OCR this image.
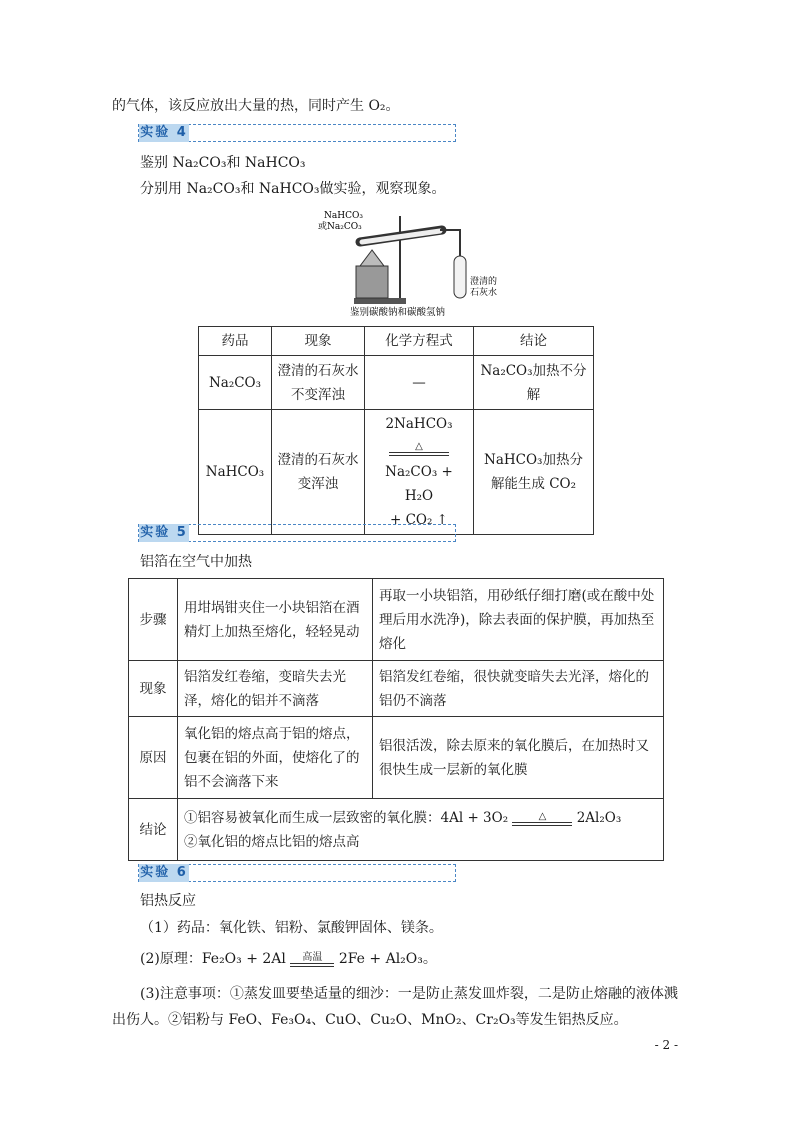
的气体，该反应放出大量的热，同时产生 O₂。
实验 4
鉴别 Na₂CO₃和 NaHCO₃
分别用 Na₂CO₃和 NaHCO₃做实验，观察现象。
NaHCO₃
或Na₂CO₃
澄清的
石灰水
鉴别碳酸钠和碳酸氢钠
药品	现象	化学方程式	结论
Na₂CO₃	澄清的石灰水不变浑浊	—	Na₂CO₃加热不分解
NaHCO₃	澄清的石灰水变浑浊	2NaHCO₃
△
Na₂CO₃ + H₂O
+ CO₂ ↑	NaHCO₃加热分解能生成 CO₂
实验 5
铝箔在空气中加热
步骤	用坩埚钳夹住一小块铝箔在酒精灯上加热至熔化，轻轻晃动	再取一小块铝箔，用砂纸仔细打磨(或在酸中处理后用水洗净)，除去表面的保护膜，再加热至熔化
现象	铝箔发红卷缩，变暗失去光泽，熔化的铝并不滴落	铝箔发红卷缩，很快就变暗失去光泽，熔化的铝仍不滴落
原因	氧化铝的熔点高于铝的熔点，包裹在铝的外面，使熔化了的铝不会滴落下来	铝很活泼，除去原来的氧化膜后，在加热时又很快生成一层新的氧化膜
结论	①铝容易被氧化而生成一层致密的氧化膜：4Al + 3O₂ △ 2Al₂O₃
②氧化铝的熔点比铝的熔点高	
实验 6
铝热反应
（1）药品：氧化铁、铝粉、氯酸钾固体、镁条。
(2)原理：Fe₂O₃ + 2Al 高温 2Fe + Al₂O₃。
(3)注意事项：①蒸发皿要垫适量的细沙：一是防止蒸发皿炸裂，二是防止熔融的液体溅
出伤人。②铝粉与 FeO、Fe₃O₄、CuO、Cu₂O、MnO₂、Cr₂O₃等发生铝热反应。
- 2 -
